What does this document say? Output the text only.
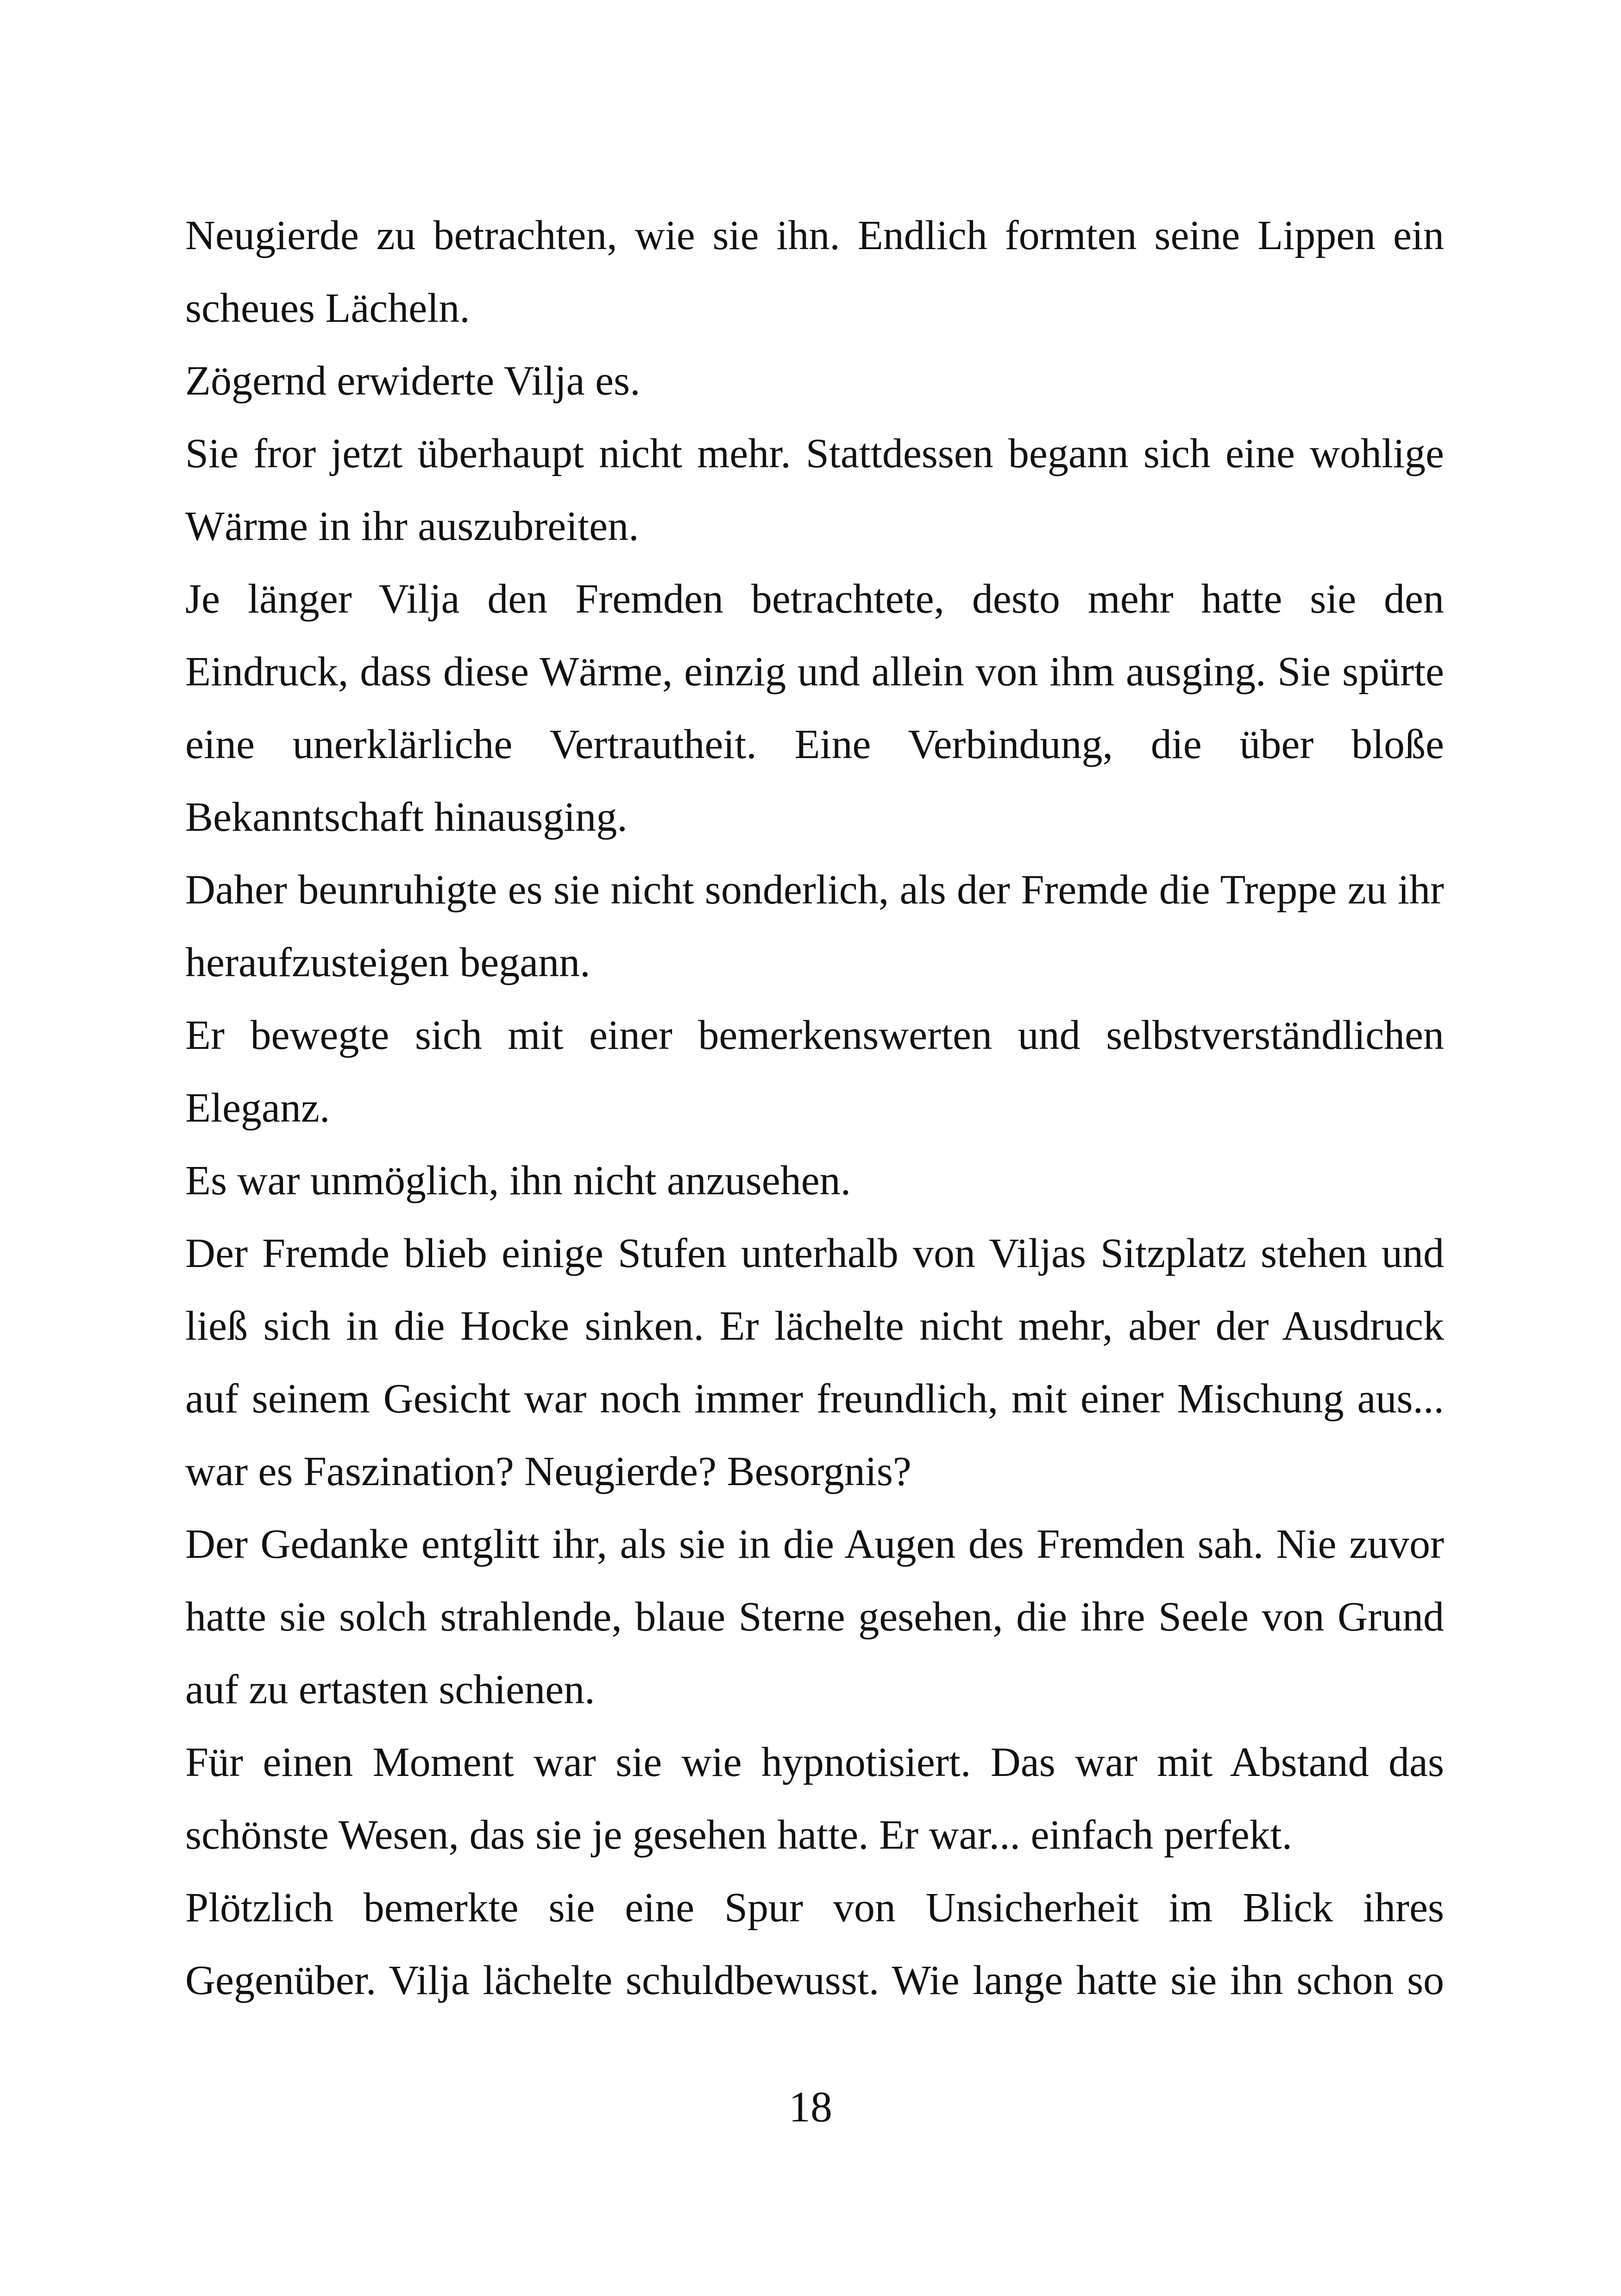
Neugierde zu betrachten, wie sie ihn. Endlich formten seine Lippen ein scheues Lächeln.

Zögernd erwiderte Vilja es.

Sie fror jetzt überhaupt nicht mehr. Stattdessen begann sich eine wohlige Wärme in ihr auszubreiten.

Je länger Vilja den Fremden betrachtete, desto mehr hatte sie den Eindruck, dass diese Wärme, einzig und allein von ihm ausging. Sie spürte eine unerklärliche Vertrautheit. Eine Verbindung, die über bloße Bekanntschaft hinausging.

Daher beunruhigte es sie nicht sonderlich, als der Fremde die Treppe zu ihr heraufzusteigen begann.

Er bewegte sich mit einer bemerkenswerten und selbstverständlichen Eleganz.

Es war unmöglich, ihn nicht anzusehen.

Der Fremde blieb einige Stufen unterhalb von Viljas Sitzplatz stehen und ließ sich in die Hocke sinken. Er lächelte nicht mehr, aber der Ausdruck auf seinem Gesicht war noch immer freundlich, mit einer Mischung aus... war es Faszination? Neugierde? Besorgnis?

Der Gedanke entglitt ihr, als sie in die Augen des Fremden sah. Nie zuvor hatte sie solch strahlende, blaue Sterne gesehen, die ihre Seele von Grund auf zu ertasten schienen.

Für einen Moment war sie wie hypnotisiert. Das war mit Abstand das schönste Wesen, das sie je gesehen hatte. Er war... einfach perfekt.

Plötzlich bemerkte sie eine Spur von Unsicherheit im Blick ihres Gegenüber. Vilja lächelte schuldbewusst. Wie lange hatte sie ihn schon so

18
